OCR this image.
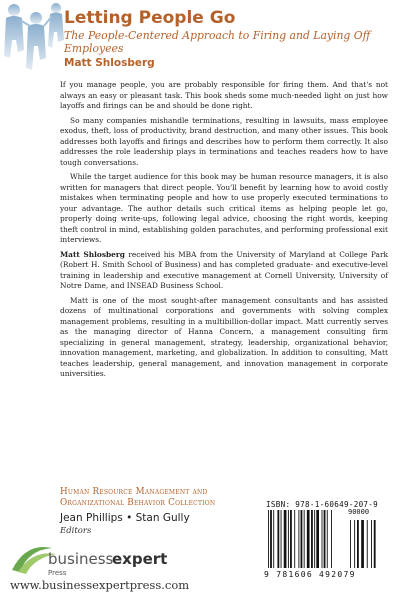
Letting People Go
The People-Centered Approach to Firing and Laying Off Employees
Matt Shlosberg

If you manage people, you are probably responsible for firing them. And that's not always an easy or pleasant task. This book sheds some much-needed light on just how layoffs and firings can be and should be done right.

So many companies mishandle terminations, resulting in lawsuits, mass employee exodus, theft, loss of productivity, brand destruction, and many other issues. This book addresses both layoffs and firings and describes how to perform them correctly. It also addresses the role leadership plays in terminations and teaches readers how to have tough conversations.

While the target audience for this book may be human resource managers, it is also written for managers that direct people. You'll benefit by learning how to avoid costly mistakes when terminating people and how to use properly executed terminations to your advantage. The author details such critical items as helping people let go, properly doing write-ups, following legal advice, choosing the right words, keeping theft control in mind, establishing golden parachutes, and performing professional exit interviews.

Matt Shlosberg received his MBA from the University of Maryland at College Park (Robert H. Smith School of Business) and has completed graduate- and executive-level training in leadership and executive management at Cornell University, University of Notre Dame, and INSEAD Business School.

Matt is one of the most sought-after management consultants and has assisted dozens of multinational corporations and governments with solving complex management problems, resulting in a multibillion-dollar impact. Matt currently serves as the managing director of Hanna Concern, a management consulting firm specializing in general management, strategy, leadership, organizational behavior, innovation management, marketing, and globalization. In addition to consulting, Matt teaches leadership, general management, and innovation management in corporate universities.

Human Resource Management and
Organizational Behavior Collection
Jean Phillips • Stan Gully
Editors
business
expert
Press
www.businessexpertpress.com
ISBN: 978-1-60649-207-9
90000
9 781606 492079
